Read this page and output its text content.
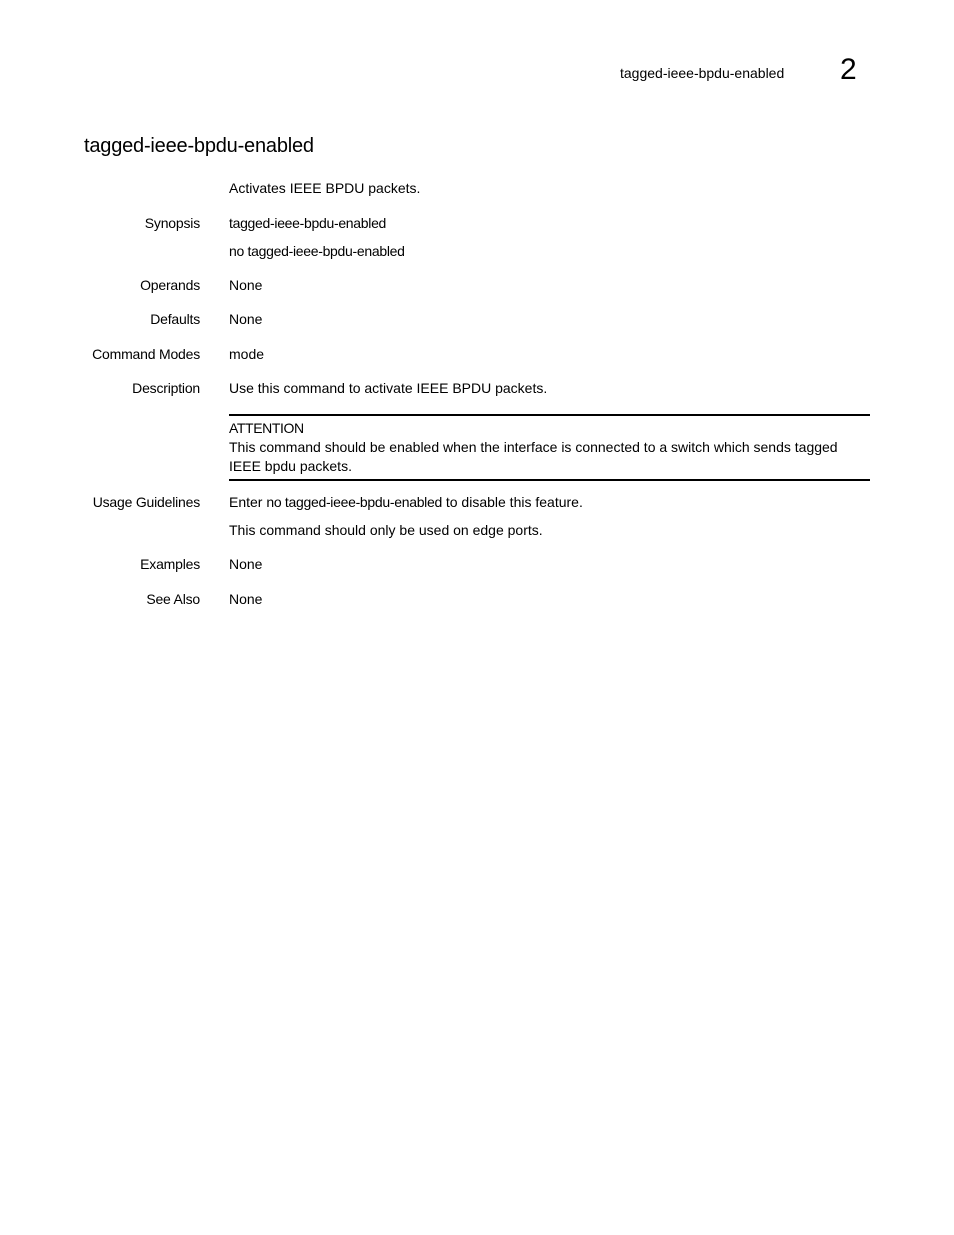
tagged-ieee-bpdu-enabled 2
tagged-ieee-bpdu-enabled
Activates IEEE BPDU packets.
Synopsis tagged-ieee-bpdu-enabled
no tagged-ieee-bpdu-enabled
Operands None
Defaults None
Command Modes mode
Description Use this command to activate IEEE BPDU packets.
ATTENTION
This command should be enabled when the interface is connected to a switch which sends tagged IEEE bpdu packets.
Usage Guidelines Enter no tagged-ieee-bpdu-enabled to disable this feature.
This command should only be used on edge ports.
Examples None
See Also None
